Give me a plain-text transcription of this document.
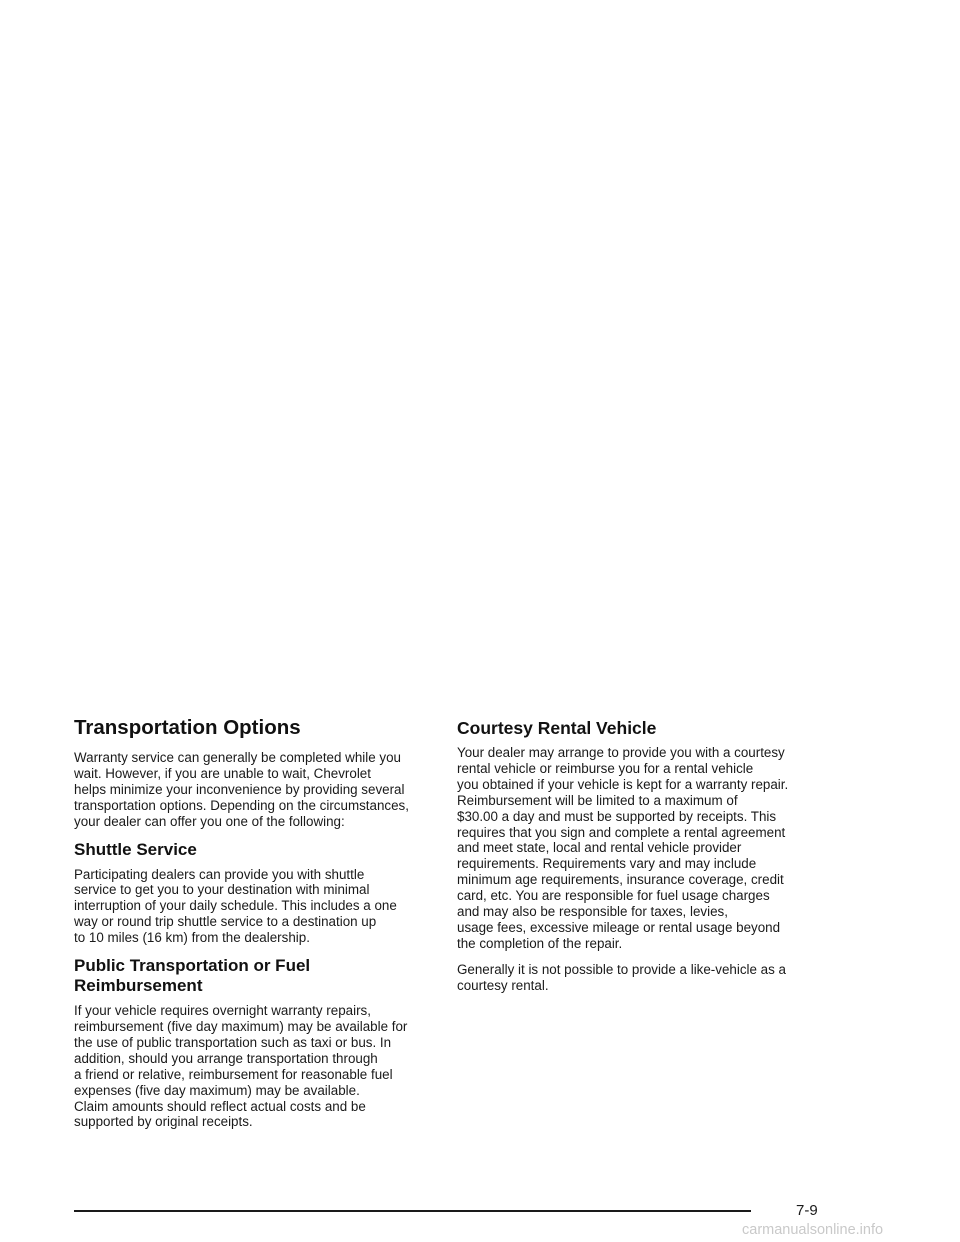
Transportation Options

Warranty service can generally be completed while you
wait. However, if you are unable to wait, Chevrolet
helps minimize your inconvenience by providing several
transportation options. Depending on the circumstances,
your dealer can offer you one of the following:

Shuttle Service

Participating dealers can provide you with shuttle
service to get you to your destination with minimal
interruption of your daily schedule. This includes a one
way or round trip shuttle service to a destination up
to 10 miles (16 km) from the dealership.

Public Transportation or Fuel
Reimbursement

If your vehicle requires overnight warranty repairs,
reimbursement (five day maximum) may be available for
the use of public transportation such as taxi or bus. In
addition, should you arrange transportation through
a friend or relative, reimbursement for reasonable fuel
expenses (five day maximum) may be available.
Claim amounts should reflect actual costs and be
supported by original receipts.

Courtesy Rental Vehicle

Your dealer may arrange to provide you with a courtesy
rental vehicle or reimburse you for a rental vehicle
you obtained if your vehicle is kept for a warranty repair.
Reimbursement will be limited to a maximum of
$30.00 a day and must be supported by receipts. This
requires that you sign and complete a rental agreement
and meet state, local and rental vehicle provider
requirements. Requirements vary and may include
minimum age requirements, insurance coverage, credit
card, etc. You are responsible for fuel usage charges
and may also be responsible for taxes, levies,
usage fees, excessive mileage or rental usage beyond
the completion of the repair.

Generally it is not possible to provide a like-vehicle as a
courtesy rental.

7-9
carmanualsonline.info
